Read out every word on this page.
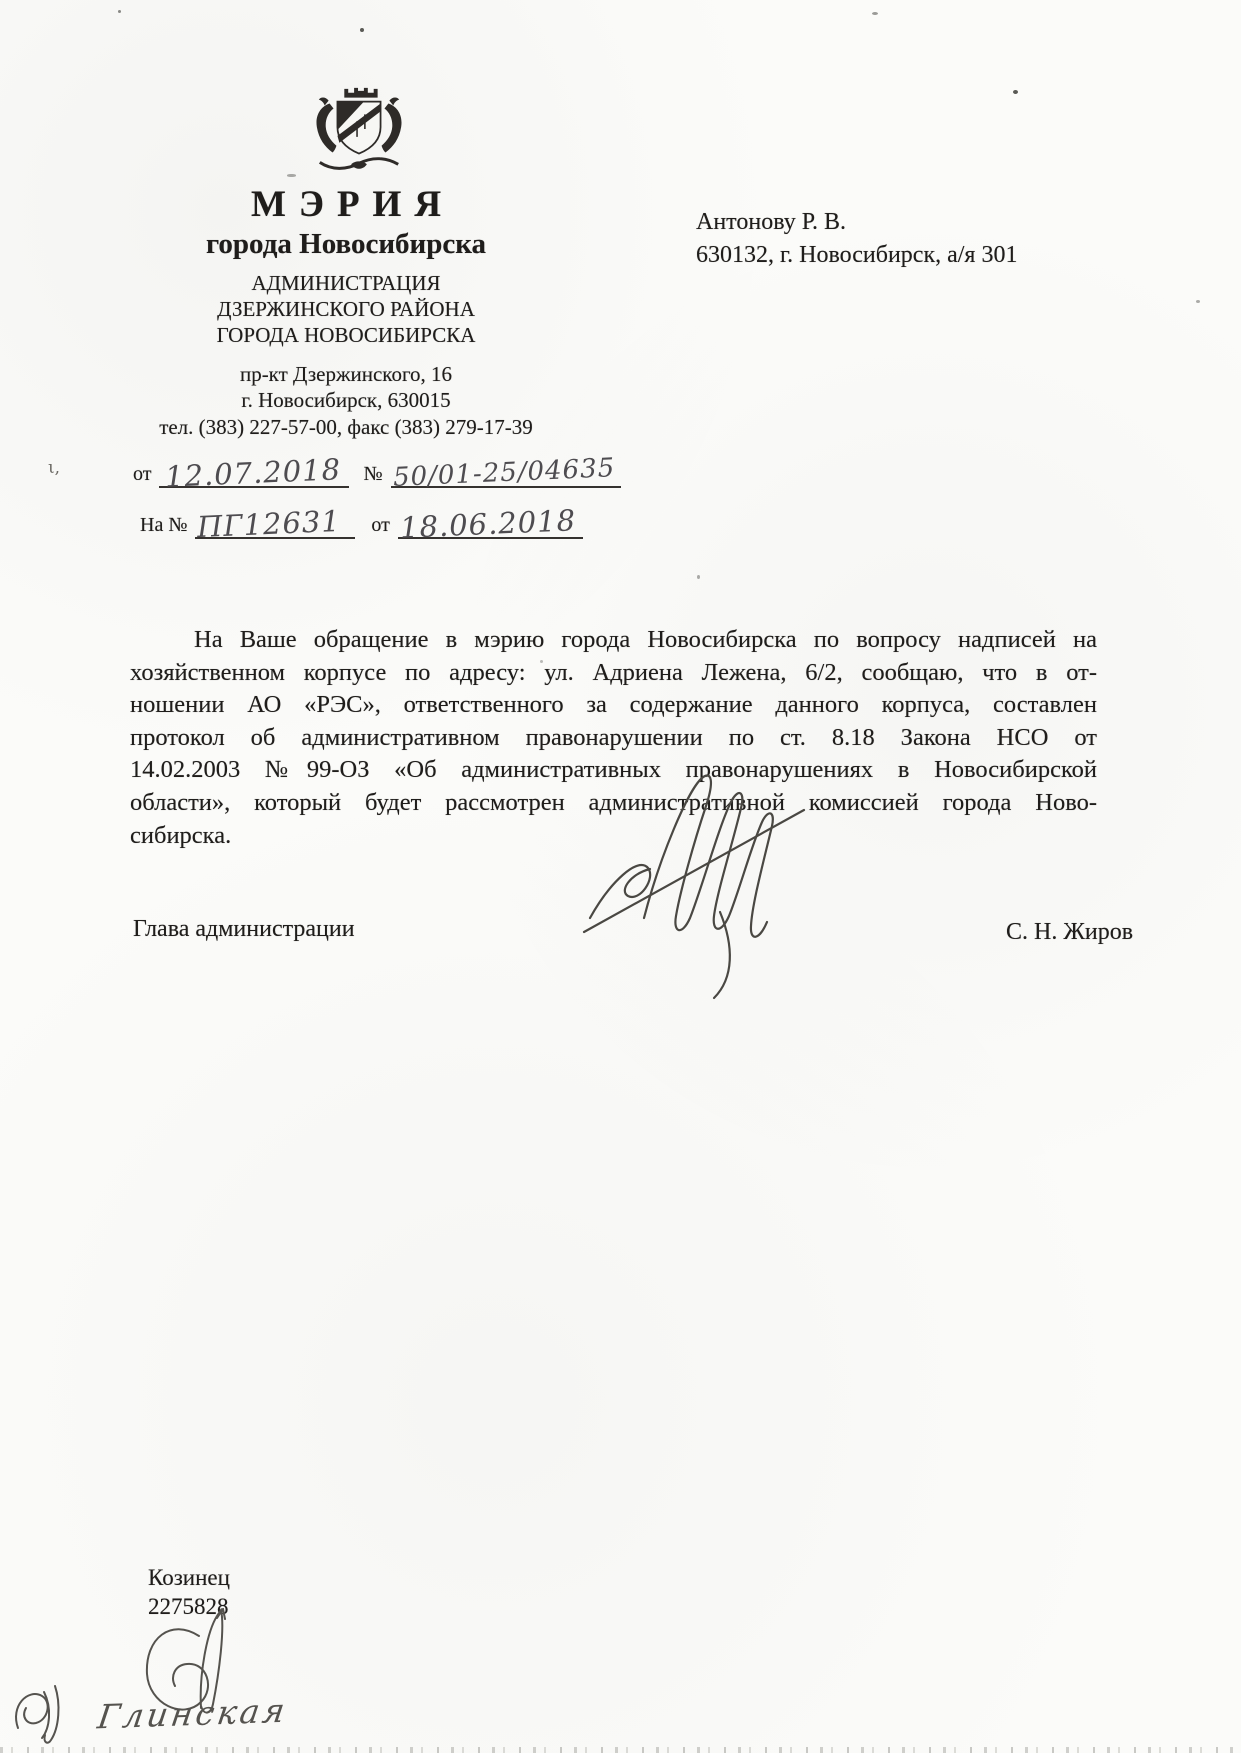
МЭРИЯ
города Новосибирска
АДМИНИСТРАЦИЯ
ДЗЕРЖИНСКОГО РАЙОНА
ГОРОДА НОВОСИБИРСКА
пр-кт Дзержинского, 16
г. Новосибирск, 630015
тел. (383) 227-57-00, факс (383) 279-17-39
от 12.07.2018 № 50/01-25/04635
На № ПГ12631 от 18.06.2018
Антонову Р. В.
630132, г. Новосибирск, а/я 301
На Ваше обращение в мэрию города Новосибирска по вопросу надписей на
хозяйственном корпусе по адресу: ул. Адриена Лежена, 6/2, сообщаю, что в от-
ношении АО «РЭС», ответственного за содержание данного корпуса, составлен
протокол об административном правонарушении по ст. 8.18 Закона НСО от
14.02.2003 №99-ОЗ «Об административных правонарушениях в Новосибирской
области», который будет рассмотрен административной комиссией города Ново-
сибирска.
Глава администрации	С. Н. Жиров
Козинец
2275828
Глинская
ι,
